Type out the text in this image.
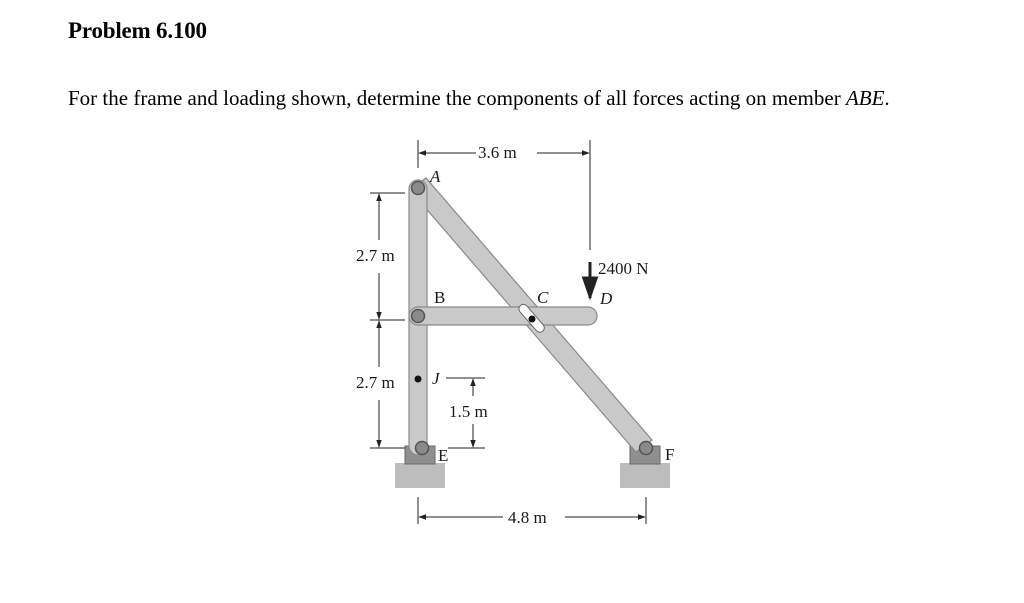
Problem 6.100
For the frame and loading shown, determine the components of all forces acting on member ABE.
A
B	C	D
E	F
J
3.6 m
2400 N
2.7 m
2.7 m
1.5 m
4.8 m
